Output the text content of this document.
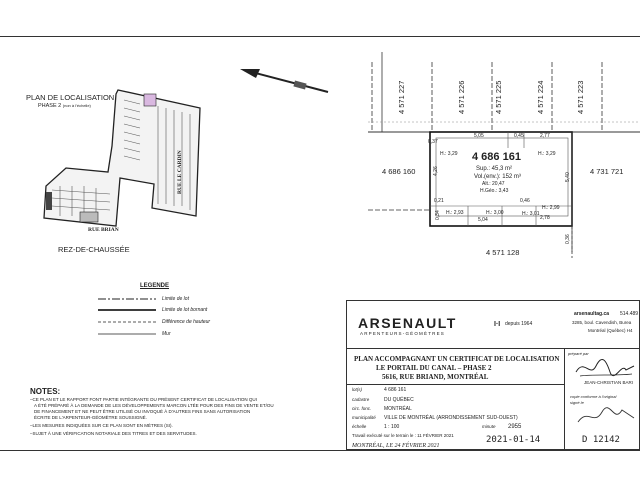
PLAN DE LOCALISATION
PHASE 2 (non à l'échelle)
RUE LE CARDIN
RUE BRIAN
REZ-DE-CHAUSSÉE
4 571 227	4 571 226	4 571 225	4 571 224	4 571 223
4 686 160	4 731 721
4 571 128
4 686 161
Sup.: 45,3 m²
Vol.(env.): 152 m³
Alt.: 20,47
H.Géo.: 3,43
H.: 3,29	H.: 3,29
H.: 2,93	H.: 3,00
H.: 2,99
H.: 3,01
5,05	0,45	2,77
4,26
5,40
0,21
5,04
0,46
2,78
0,36
0,37
0,34
LEGENDE
Limite de lot
Limite de lot bornant
Différence de hauteur
Mur
NOTES:
–CE PLAN ET LE RAPPORT FONT PARTIE INTÉGRANTE DU PRÉSENT CERTIFICAT DE LOCALISATION QUI
A ÉTÉ PRÉPARÉ À LA DEMANDE DE LES DÉVELOPPEMENTS MARCON LTÉE POUR DES FINS DE VENTE ET/OU
DE FINANCEMENT ET NE PEUT ÊTRE UTILISÉ OU INVOQUÉ À D'AUTRES FINS SANS AUTORISATION
ÉCRITE DE L'ARPENTEUR-GÉOMÈTRE SOUSSIGNÉ.
–LES MESURES INDIQUÉES SUR CE PLAN SONT EN MÈTRES (SI).
–SUJET À UNE VÉRIFICATION NOTARIALE DES TITRES ET DES SERVITUDES.
ARSENAULT
ARPENTEURS-GÉOMÈTRES
I·I depuis 1964
arsenaultag.ca 514.489
3285, boul. Cavendish, Burea
Montréal (Québec) H4
PLAN ACCOMPAGNANT UN CERTIFICAT DE LOCALISATION
LE PORTAIL DU CANAL – PHASE 2
5616, RUE BRIAND, MONTRÉAL
lot(s)	4 686 161
cadastre	DU QUÉBEC
circ. fonc.	MONTRÉAL
municipalité VILLE DE MONTRÉAL (ARRONDISSEMENT SUD-OUEST)
échelle	1 : 100	minute 2955
Travail exécuté sur le terrain le : 11 FÉVRIER 2021
MONTRÉAL, LE 24 FÉVRIER 2021
2021-01-14	D 12142
préparé par
JEAN-CHRISTIAN BARI
copie conforme à l'original
signé le
